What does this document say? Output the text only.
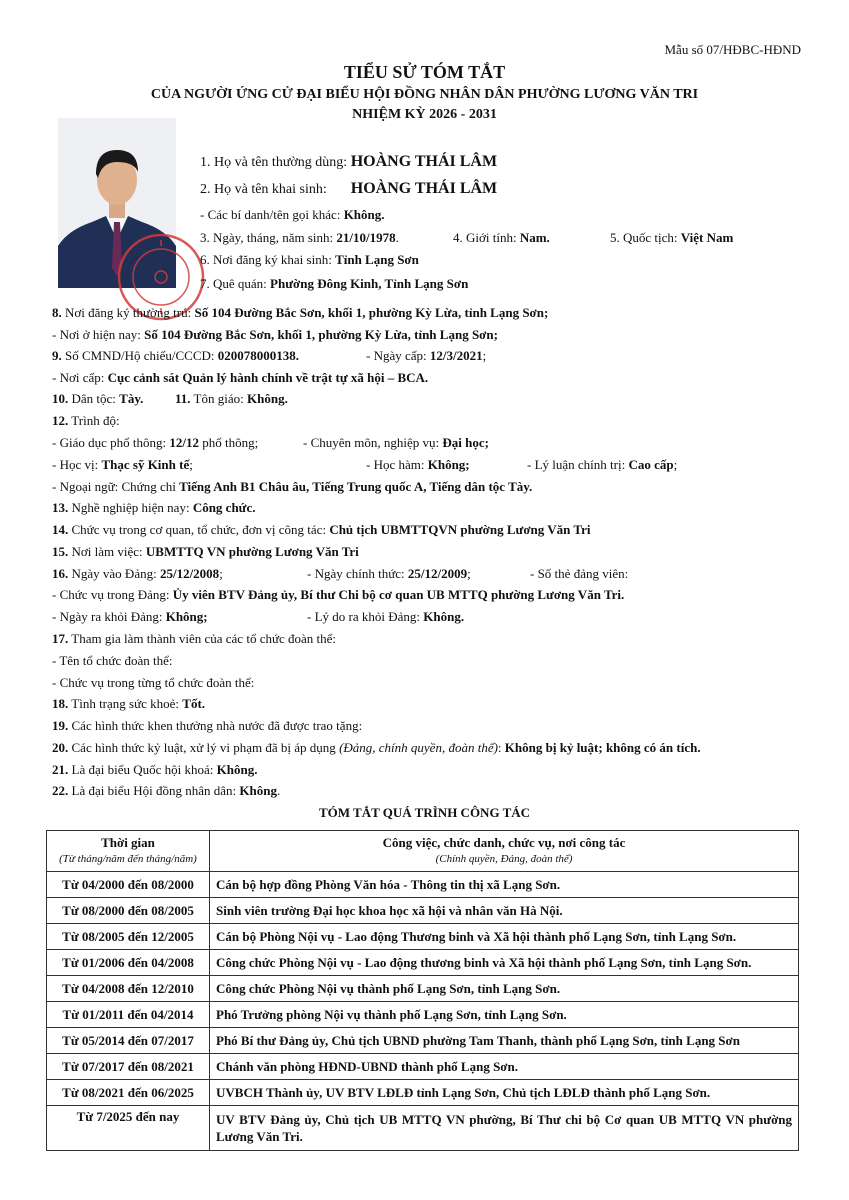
Mẫu số 07/HĐBC-HĐND
TIỂU SỬ TÓM TẮT
CỦA NGƯỜI ỨNG CỬ ĐẠI BIỂU HỘI ĐỒNG NHÂN DÂN PHƯỜNG LƯƠNG VĂN TRI
NHIỆM KỲ 2026 - 2031
1. Họ và tên thường dùng: HOÀNG THÁI LÂM
2. Họ và tên khai sinh: HOÀNG THÁI LÂM
- Các bí danh/tên gọi khác: Không.
3. Ngày, tháng, năm sinh: 21/10/1978.	4. Giới tính: Nam.	5. Quốc tịch: Việt Nam
6. Nơi đăng ký khai sinh: Tỉnh Lạng Sơn
7. Quê quán: Phường Đông Kinh, Tỉnh Lạng Sơn
8. Nơi đăng ký thường trú: Số 104 Đường Bắc Sơn, khối 1, phường Kỳ Lừa, tỉnh Lạng Sơn;
- Nơi ở hiện nay: Số 104 Đường Bắc Sơn, khối 1, phường Kỳ Lừa, tỉnh Lạng Sơn;
9. Số CMND/Hộ chiếu/CCCD: 020078000138.	- Ngày cấp: 12/3/2021;
- Nơi cấp: Cục cảnh sát Quản lý hành chính về trật tự xã hội – BCA.
10. Dân tộc: Tày. 11. Tôn giáo: Không.
12. Trình độ:
- Giáo dục phổ thông: 12/12 phổ thông;	- Chuyên môn, nghiệp vụ: Đại học;
- Học vị: Thạc sỹ Kinh tế;	- Học hàm: Không;	- Lý luận chính trị: Cao cấp;
- Ngoại ngữ: Chứng chỉ Tiếng Anh B1 Châu âu, Tiếng Trung quốc A, Tiếng dân tộc Tày.
13. Nghề nghiệp hiện nay: Công chức.
14. Chức vụ trong cơ quan, tổ chức, đơn vị công tác: Chủ tịch UBMTTQVN phường Lương Văn Tri
15. Nơi làm việc: UBMTTQ VN phường Lương Văn Tri
16. Ngày vào Đảng: 25/12/2008;	- Ngày chính thức: 25/12/2009;	- Số thẻ đảng viên:
- Chức vụ trong Đảng: Ủy viên BTV Đảng ủy, Bí thư Chi bộ cơ quan UB MTTQ phường Lương Văn Tri.
- Ngày ra khỏi Đảng: Không;	- Lý do ra khỏi Đảng: Không.
17. Tham gia làm thành viên của các tổ chức đoàn thể:
- Tên tổ chức đoàn thể:
- Chức vụ trong từng tổ chức đoàn thể:
18. Tình trạng sức khoẻ: Tốt.
19. Các hình thức khen thưởng nhà nước đã được trao tặng:
20. Các hình thức kỷ luật, xử lý vi phạm đã bị áp dụng (Đảng, chính quyền, đoàn thể): Không bị kỷ luật; không có án tích.
21. Là đại biểu Quốc hội khoá: Không.
22. Là đại biểu Hội đồng nhân dân: Không.
TÓM TẮT QUÁ TRÌNH CÔNG TÁC
Thời gian
(Từ tháng/năm đến tháng/năm)	Công việc, chức danh, chức vụ, nơi công tác
(Chính quyền, Đảng, đoàn thể)

Từ 04/2000 đến 08/2000	Cán bộ hợp đồng Phòng Văn hóa - Thông tin thị xã Lạng Sơn.
Từ 08/2000 đến 08/2005	Sinh viên trường Đại học khoa học xã hội và nhân văn Hà Nội.
Từ 08/2005 đến 12/2005	Cán bộ Phòng Nội vụ - Lao động Thương binh và Xã hội thành phố Lạng Sơn, tỉnh Lạng Sơn.
Từ 01/2006 đến 04/2008	Công chức Phòng Nội vụ - Lao động thương binh và Xã hội thành phố Lạng Sơn, tỉnh Lạng Sơn.
Từ 04/2008 đến 12/2010	Công chức Phòng Nội vụ thành phố Lạng Sơn, tỉnh Lạng Sơn.
Từ 01/2011 đến 04/2014	Phó Trưởng phòng Nội vụ thành phố Lạng Sơn, tỉnh Lạng Sơn.
Từ 05/2014 đến 07/2017	Phó Bí thư Đảng ủy, Chủ tịch UBND phường Tam Thanh, thành phố Lạng Sơn, tỉnh Lạng Sơn
Từ 07/2017 đến 08/2021	Chánh văn phòng HĐND-UBND thành phố Lạng Sơn.
Từ 08/2021 đến 06/2025	UVBCH Thành ủy, UV BTV LĐLĐ tỉnh Lạng Sơn, Chủ tịch LĐLĐ thành phố Lạng Sơn.
Từ 7/2025 đến nay	UV BTV Đảng ủy, Chủ tịch UB MTTQ VN phường, Bí Thư chi bộ Cơ quan UB MTTQ VN phường Lương Văn Tri.
